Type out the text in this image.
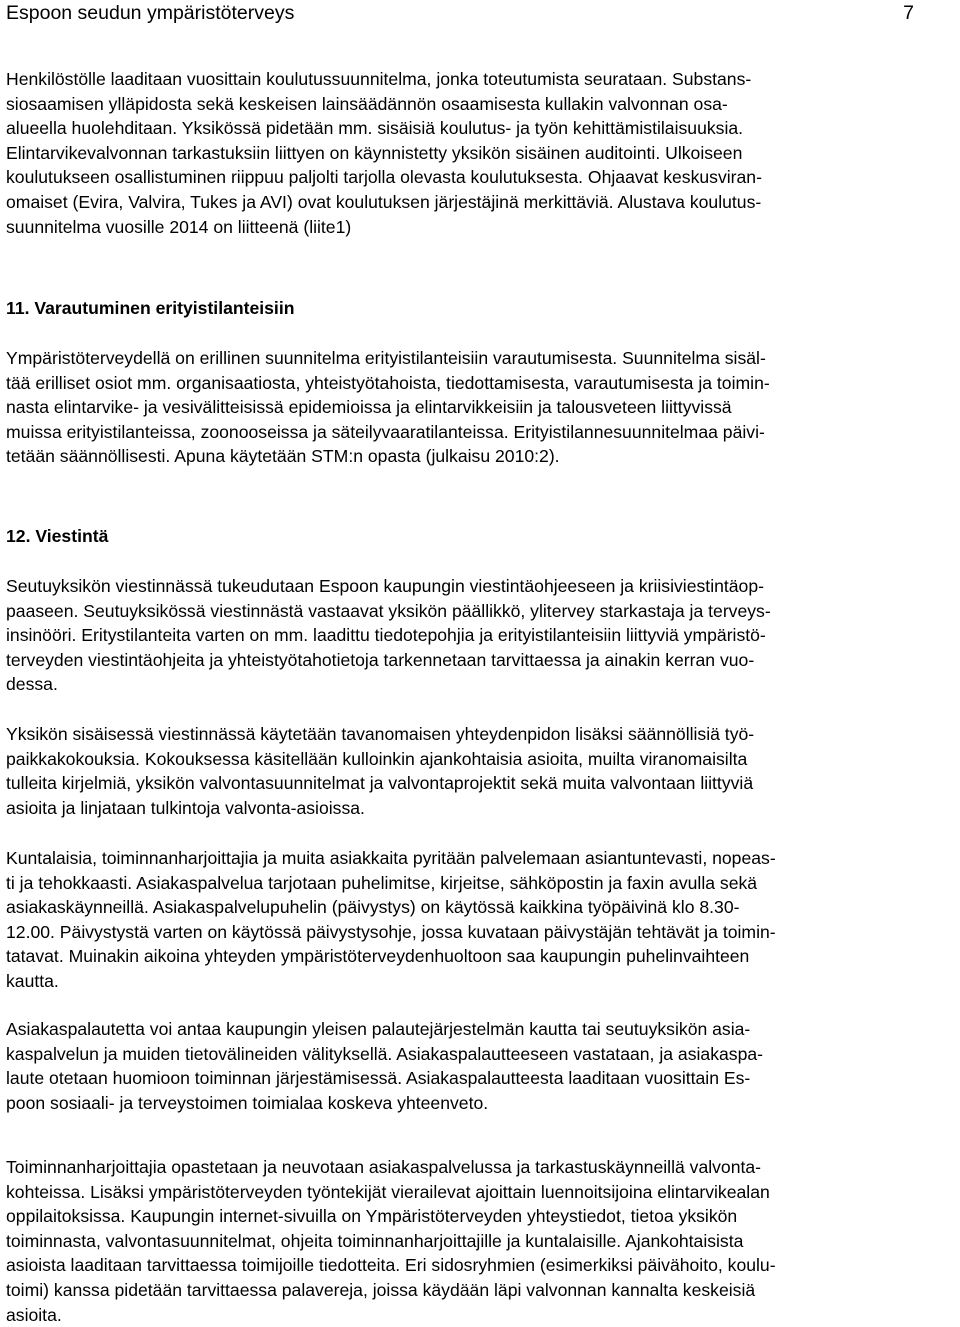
Espoon seudun ympäristöterveys	7

Henkilöstölle laaditaan vuosittain koulutussuunnitelma, jonka toteutumista seurataan. Substans-

siosaamisen ylläpidosta sekä keskeisen lainsäädännön osaamisesta kullakin valvonnan osa-

alueella huolehditaan. Yksikössä pidetään mm. sisäisiä koulutus- ja työn kehittämistilaisuuksia.

Elintarvikevalvonnan tarkastuksiin liittyen on käynnistetty yksikön sisäinen auditointi. Ulkoiseen

koulutukseen osallistuminen riippuu paljolti tarjolla olevasta koulutuksesta. Ohjaavat keskusviran-

omaiset (Evira, Valvira, Tukes ja AVI) ovat koulutuksen järjestäjinä merkittäviä. Alustava koulutus-

suunnitelma vuosille 2014 on liitteenä (liite1)

11. Varautuminen erityistilanteisiin

Ympäristöterveydellä on erillinen suunnitelma erityistilanteisiin varautumisesta. Suunnitelma sisäl-

tää erilliset osiot mm. organisaatiosta, yhteistyötahoista, tiedottamisesta, varautumisesta ja toimin-

nasta elintarvike- ja vesivälitteisissä epidemioissa ja elintarvikkeisiin ja talousveteen liittyvissä

muissa erityistilanteissa, zoonooseissa ja säteilyvaaratilanteissa. Erityistilannesuunnitelmaa päivi-

tetään säännöllisesti. Apuna käytetään STM:n opasta (julkaisu 2010:2).

12. Viestintä

Seutuyksikön viestinnässä tukeudutaan Espoon kaupungin viestintäohjeeseen ja kriisiviestintäop-

paaseen. Seutuyksikössä viestinnästä vastaavat yksikön päällikkö, ylitervey starkastaja ja terveys-

insinööri. Eritystilanteita varten on mm. laadittu tiedotepohjia ja erityistilanteisiin liittyviä ympäristö-

terveyden viestintäohjeita ja yhteistyötahotietoja tarkennetaan tarvittaessa ja ainakin kerran vuo-

dessa.

Yksikön sisäisessä viestinnässä käytetään tavanomaisen yhteydenpidon lisäksi säännöllisiä työ-

paikkakokouksia. Kokouksessa käsitellään kulloinkin ajankohtaisia asioita, muilta viranomaisilta

tulleita kirjelmiä, yksikön valvontasuunnitelmat ja valvontaprojektit sekä muita valvontaan liittyviä

asioita ja linjataan tulkintoja valvonta-asioissa.

Kuntalaisia, toiminnanharjoittajia ja muita asiakkaita pyritään palvelemaan asiantuntevasti, nopeas-

ti ja tehokkaasti. Asiakaspalvelua tarjotaan puhelimitse, kirjeitse, sähköpostin ja faxin avulla sekä

asiakaskäynneillä. Asiakaspalvelupuhelin (päivystys) on käytössä kaikkina työpäivinä klo 8.30-

12.00. Päivystystä varten on käytössä päivystysohje, jossa kuvataan päivystäjän tehtävät ja toimin-

tatavat. Muinakin aikoina yhteyden ympäristöterveydenhuoltoon saa kaupungin puhelinvaihteen

kautta.

Asiakaspalautetta voi antaa kaupungin yleisen palautejärjestelmän kautta tai seutuyksikön asia-

kaspalvelun ja muiden tietovälineiden välityksellä. Asiakaspalautteeseen vastataan, ja asiakaspa-

laute otetaan huomioon toiminnan järjestämisessä. Asiakaspalautteesta laaditaan vuosittain Es-

poon sosiaali- ja terveystoimen toimialaa koskeva yhteenveto.

Toiminnanharjoittajia opastetaan ja neuvotaan asiakaspalvelussa ja tarkastuskäynneillä valvonta-

kohteissa. Lisäksi ympäristöterveyden työntekijät vierailevat ajoittain luennoitsijoina elintarvikealan

oppilaitoksissa. Kaupungin internet-sivuilla on Ympäristöterveyden yhteystiedot, tietoa yksikön

toiminnasta, valvontasuunnitelmat, ohjeita toiminnanharjoittajille ja kuntalaisille. Ajankohtaisista

asioista laaditaan tarvittaessa toimijoille tiedotteita. Eri sidosryhmien (esimerkiksi päivähoito, koulu-

toimi) kanssa pidetään tarvittaessa palavereja, joissa käydään läpi valvonnan kannalta keskeisiä

asioita.
